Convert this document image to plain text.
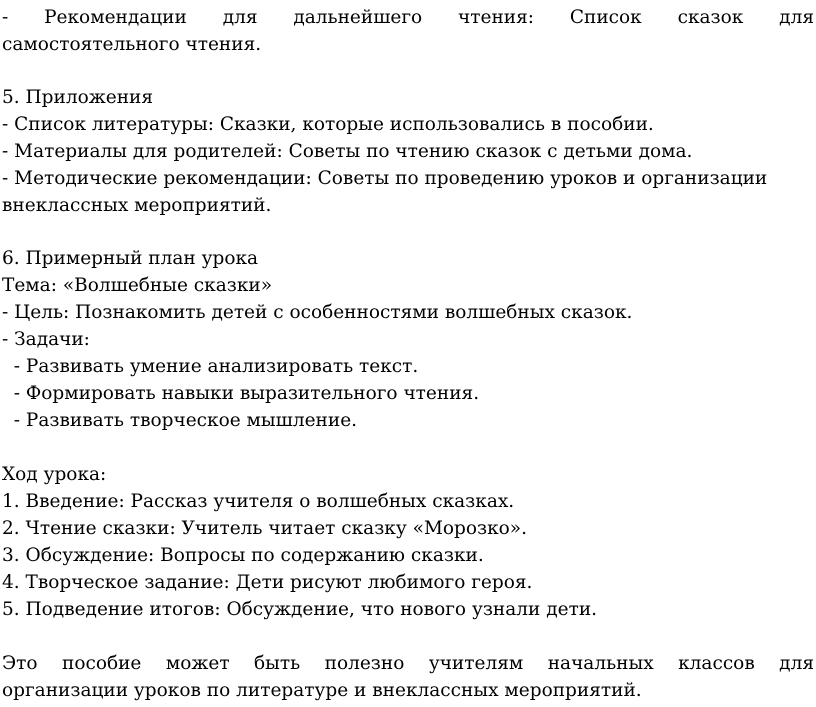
- Рекомендации для дальнейшего чтения: Список сказок для
самостоятельного чтения.
5. Приложения
- Список литературы: Сказки, которые использовались в пособии.
- Материалы для родителей: Советы по чтению сказок с детьми дома.
- Методические рекомендации: Советы по проведению уроков и организации
внеклассных мероприятий.
6. Примерный план урока
Тема: «Волшебные сказки»
- Цель: Познакомить детей с особенностями волшебных сказок.
- Задачи:
- Развивать умение анализировать текст.
- Формировать навыки выразительного чтения.
- Развивать творческое мышление.
Ход урока:
1. Введение: Рассказ учителя о волшебных сказках.
2. Чтение сказки: Учитель читает сказку «Морозко».
3. Обсуждение: Вопросы по содержанию сказки.
4. Творческое задание: Дети рисуют любимого героя.
5. Подведение итогов: Обсуждение, что нового узнали дети.
Это пособие может быть полезно учителям начальных классов для
организации уроков по литературе и внеклассных мероприятий.
